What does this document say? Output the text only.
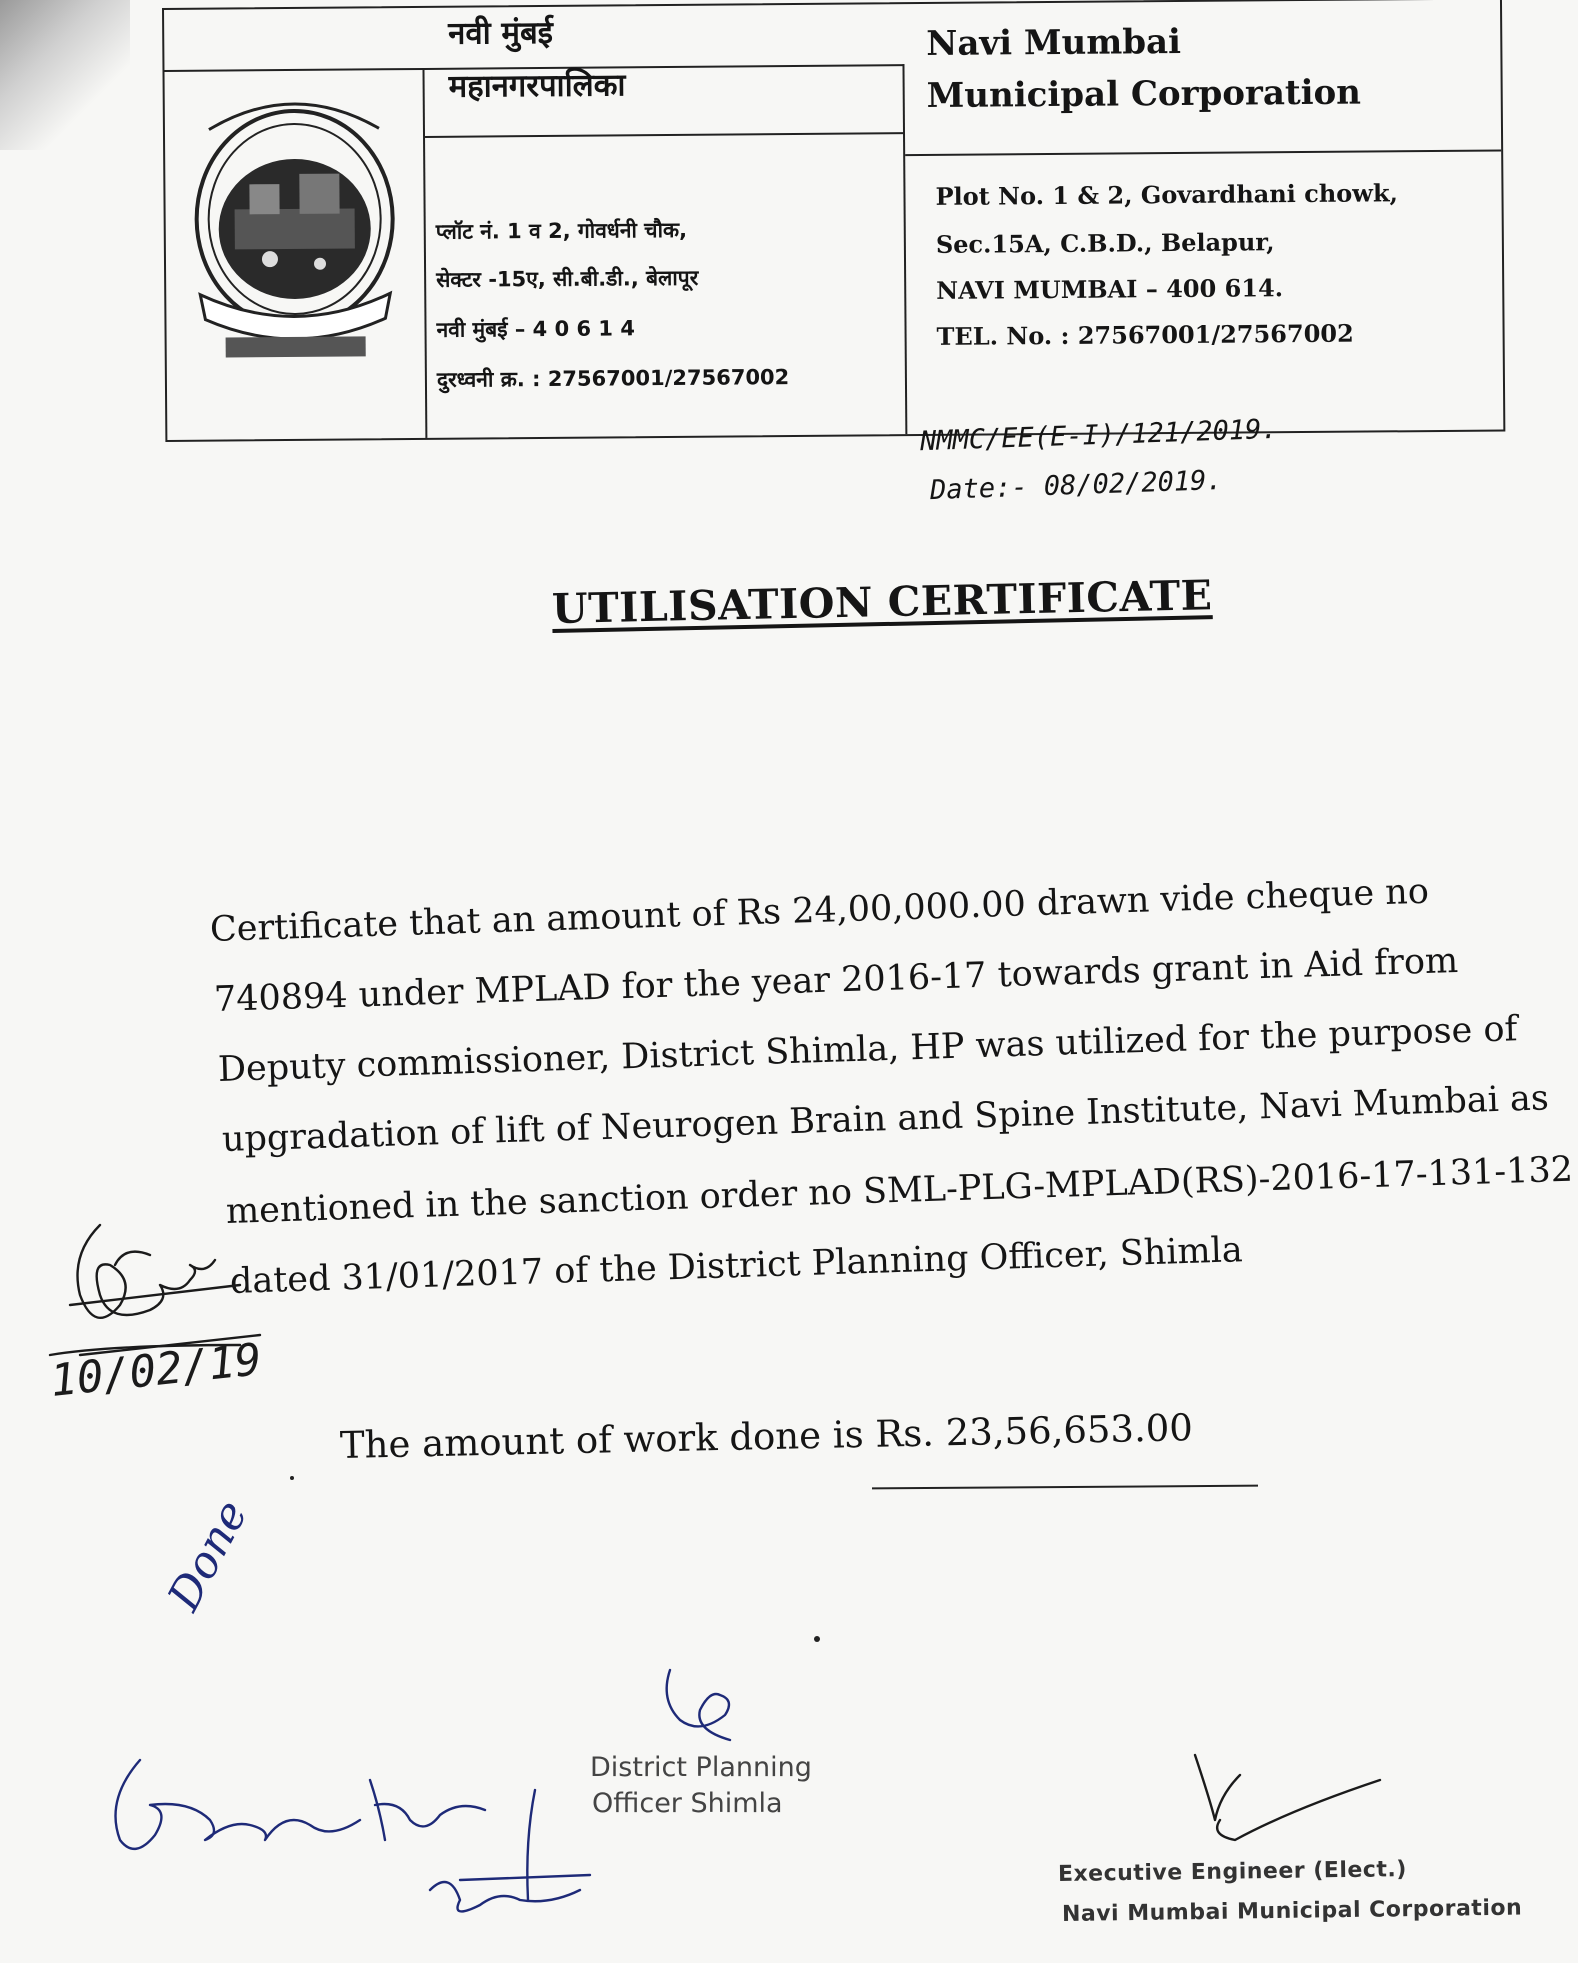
नवी मुंबई
महानगरपालिका
प्लॉट नं. 1 व 2, गोवर्धनी चौक,
सेक्टर -15ए, सी.बी.डी., बेलापूर
नवी मुंबई – 4 0 6 1 4
दुरध्वनी क्र. : 27567001/27567002
Navi Mumbai
Municipal Corporation
Plot No. 1 & 2, Govardhani chowk,
Sec.15A, C.B.D., Belapur,
NAVI MUMBAI – 400 614.
TEL. No. : 27567001/27567002
NMMC/EE(E-I)/121/2019.
Date:- 08/02/2019.
UTILISATION CERTIFICATE
Certificate that an amount of Rs 24,00,000.00 drawn vide cheque no
740894 under MPLAD for the year 2016-17 towards grant in Aid from
Deputy commissioner, District Shimla, HP was utilized for the purpose of
upgradation of lift of Neurogen Brain and Spine Institute, Navi Mumbai as
mentioned in the sanction order no SML-PLG-MPLAD(RS)-2016-17-131-132
dated 31/01/2017 of the District Planning Officer, Shimla
The amount of work done is Rs. 23,56,653.00
10/02/19
Done
District Planning
Officer Shimla
Executive Engineer (Elect.)
Navi Mumbai Municipal Corporation
